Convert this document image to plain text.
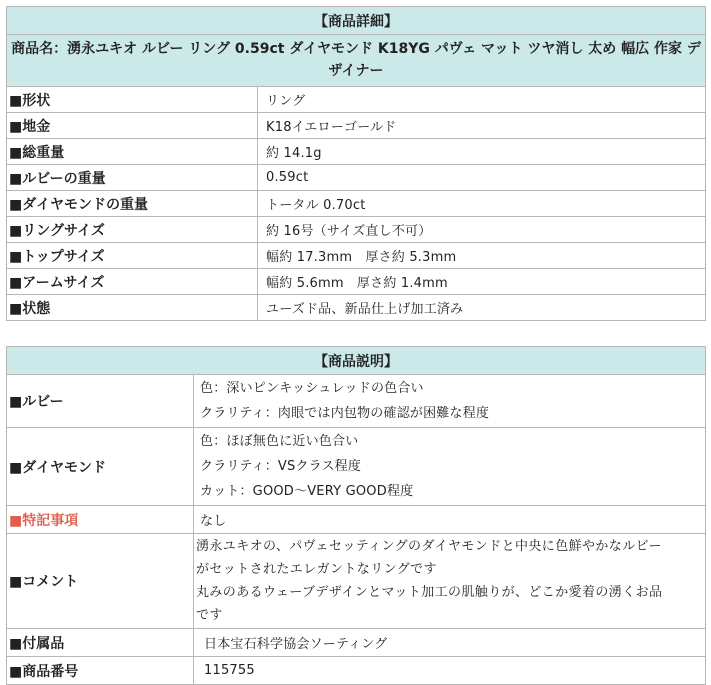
【商品詳細】	
商品名：湧永ユキオ ルビー リング 0.59ct ダイヤモンド K18YG パヴェ マット ツヤ消し 太め 幅広 作家 デザイナー	
■形状	リング
■地金	K18イエローゴールド
■総重量	約 14.1g
■ルビーの重量	0.59ct
■ダイヤモンドの重量	トータル 0.70ct
■リングサイズ	約 16号（サイズ直し不可）
■トップサイズ	幅約 17.3mm　厚さ約 5.3mm
■アームサイズ	幅約 5.6mm　厚さ約 1.4mm
■状態	ユーズド品、新品仕上げ加工済み
【商品説明】	
■ルビー	色：深いピンキッシュレッドの色合い
クラリティ：肉眼では内包物の確認が困難な程度

■ダイヤモンド	色：ほぼ無色に近い色合い
クラリティ：VSクラス程度
カット：GOOD〜VERY GOOD程度

■特記事項	なし
■コメント	湧永ユキオの、パヴェセッティングのダイヤモンドと中央に色鮮やかなルビー
がセットされたエレガントなリングです
丸みのあるウェーブデザインとマット加工の肌触りが、どこか愛着の湧くお品
です

■付属品	日本宝石科学協会ソーティング
■商品番号	115755
